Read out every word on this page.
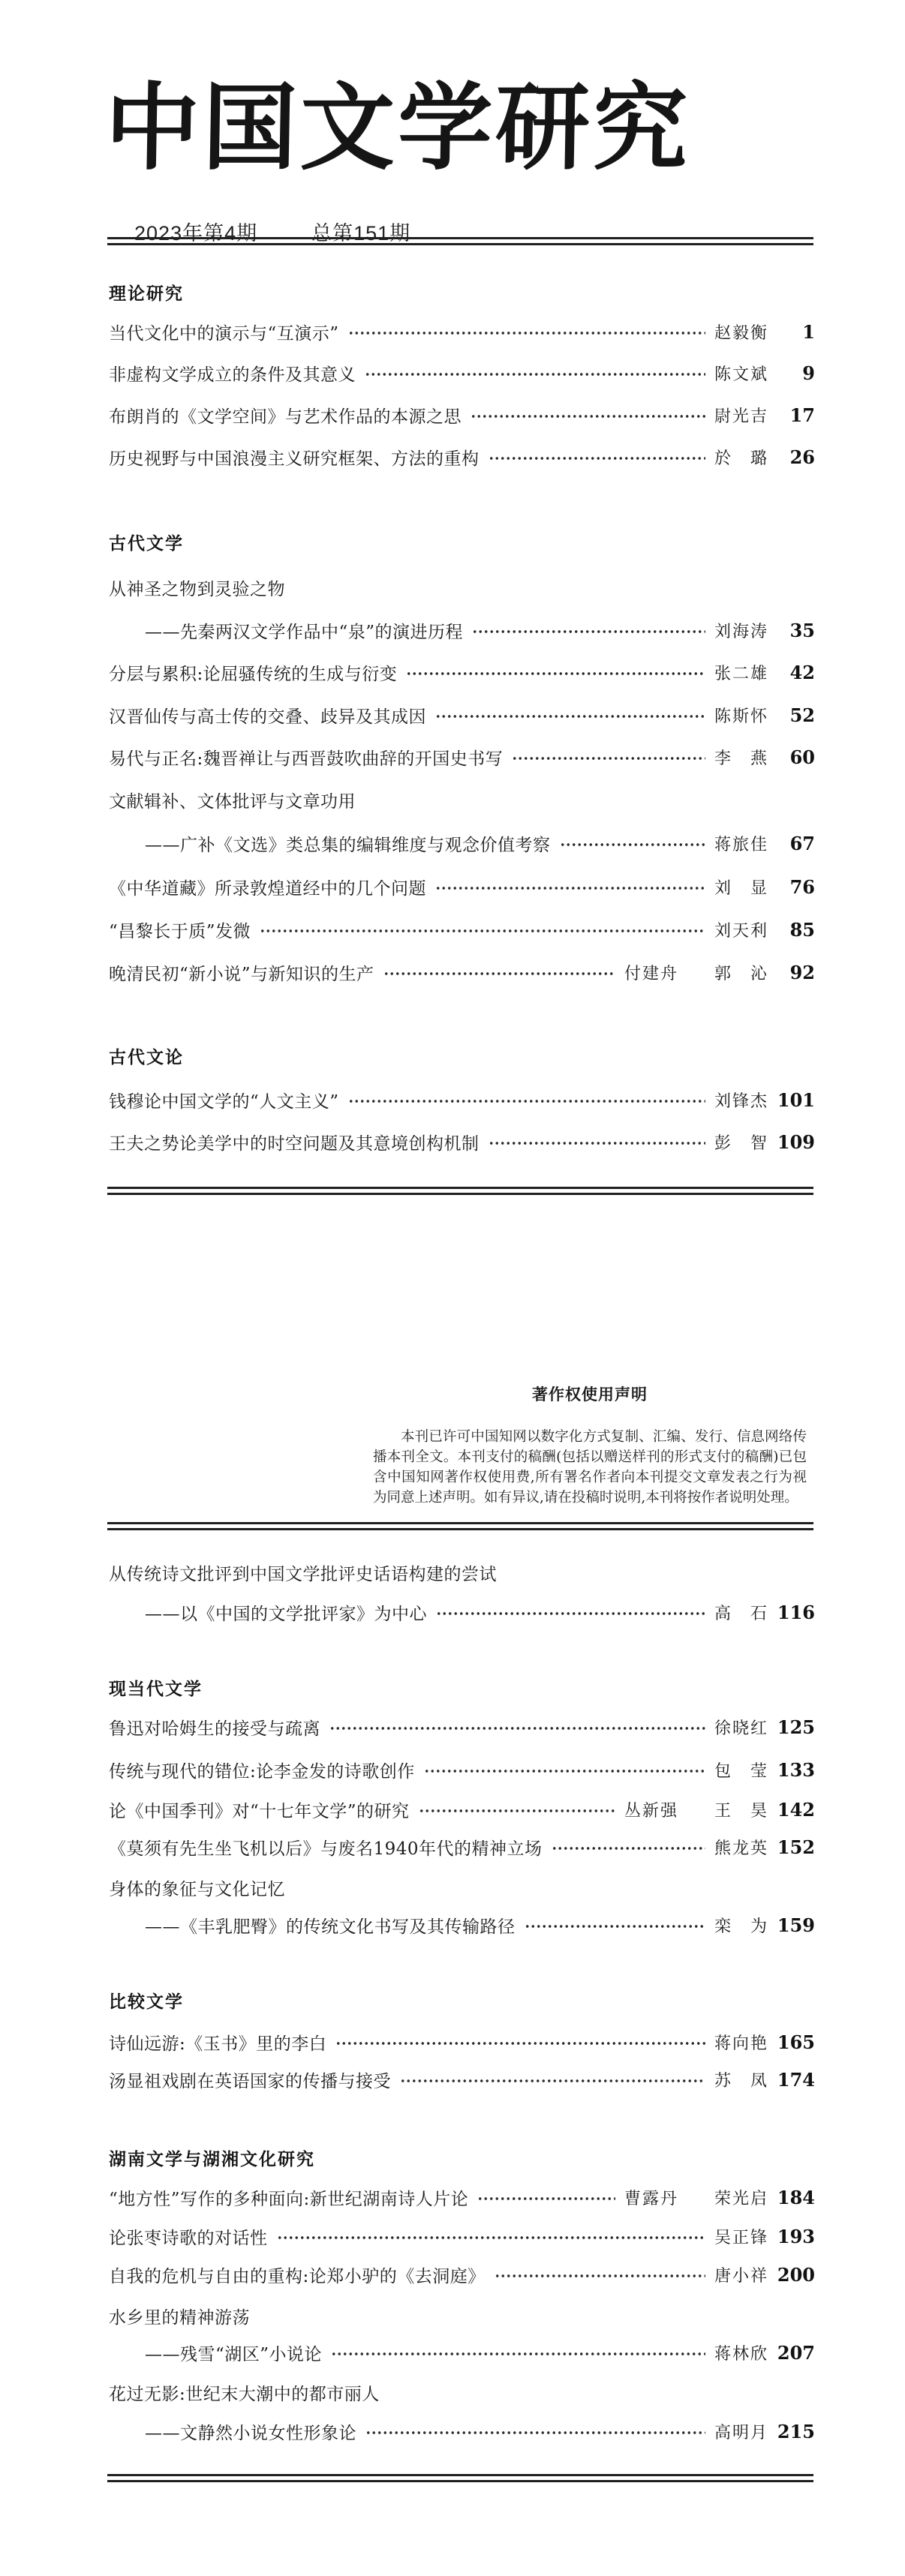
中国文学研究

2023年第4期	总第151期

理论研究
当代文化中的演示与“互演示”	赵毅衡	1
非虚构文学成立的条件及其意义	陈文斌	9
布朗肖的《文学空间》与艺术作品的本源之思	尉光吉	17
历史视野与中国浪漫主义研究框架、方法的重构	於　璐	26
古代文学
从神圣之物到灵验之物
——先秦两汉文学作品中“泉”的演进历程	刘海涛	35
分层与累积:论屈骚传统的生成与衍变	张二雄	42
汉晋仙传与高士传的交叠、歧异及其成因	陈斯怀	52
易代与正名:魏晋禅让与西晋鼓吹曲辞的开国史书写	李　燕	60
文献辑补、文体批评与文章功用
——广补《文选》类总集的编辑维度与观念价值考察	蒋旅佳	67
《中华道藏》所录敦煌道经中的几个问题	刘　显	76
“昌黎长于质”发微	刘天利	85
晚清民初“新小说”与新知识的生产	付建舟　　郭　沁	92
古代文论
钱穆论中国文学的“人文主义”	刘锋杰 101
王夫之势论美学中的时空问题及其意境创构机制	彭　智 109
著作权使用声明

本刊已许可中国知网以数字化方式复制、汇编、发行、信息网络传播本刊全文。本刊支付的稿酬(包括以赠送样刊的形式支付的稿酬)已包含中国知网著作权使用费,所有署名作者向本刊提交文章发表之行为视为同意上述声明。如有异议,请在投稿时说明,本刊将按作者说明处理。

从传统诗文批评到中国文学批评史话语构建的尝试
——以《中国的文学批评家》为中心	高　石 116
现当代文学
鲁迅对哈姆生的接受与疏离	徐晓红 125
传统与现代的错位:论李金发的诗歌创作	包　莹 133
论《中国季刊》对“十七年文学”的研究	丛新强　　王　昊 142
《莫须有先生坐飞机以后》与废名1940年代的精神立场	熊龙英 152
身体的象征与文化记忆
——《丰乳肥臀》的传统文化书写及其传输路径	栾　为 159
比较文学
诗仙远游:《玉书》里的李白	蒋向艳 165
汤显祖戏剧在英语国家的传播与接受	苏　凤 174
湖南文学与湖湘文化研究
“地方性”写作的多种面向:新世纪湖南诗人片论	曹露丹　　荣光启 184
论张枣诗歌的对话性	吴正锋 193
自我的危机与自由的重构:论郑小驴的《去洞庭》	唐小祥 200
水乡里的精神游荡
——残雪“湖区”小说论	蒋林欣 207
花过无影:世纪末大潮中的都市丽人
——文静然小说女性形象论	高明月 215
